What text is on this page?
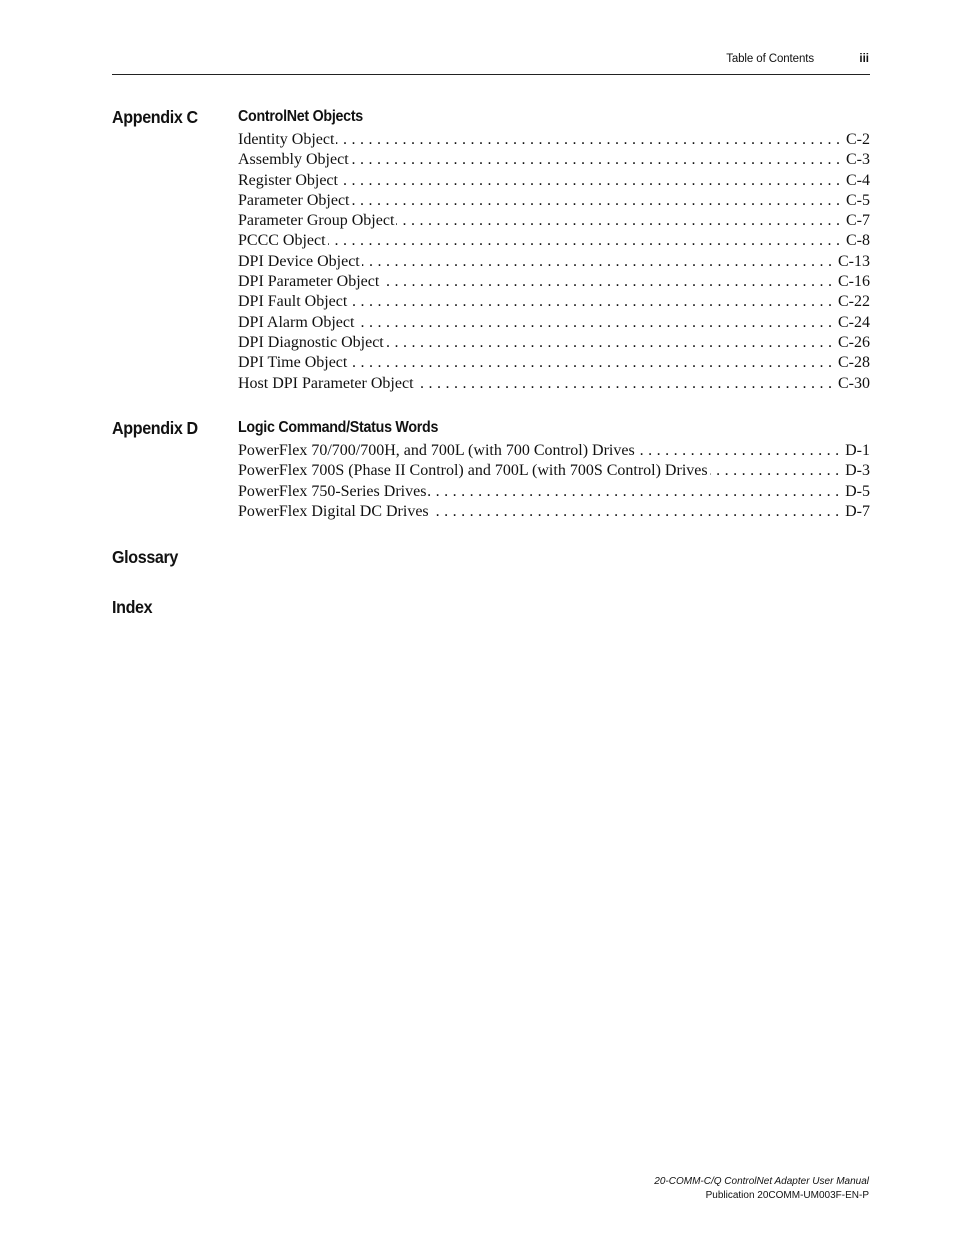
Table of Contents	iii
Appendix C	ControlNet Objects
Identity Object . . .	C-2
Assembly Object . . .	C-3
Register Object . . .	C-4
Parameter Object . . .	C-5
Parameter Group Object . . .	C-7
PCCC Object . . .	C-8
DPI Device Object . . .	C-13
DPI Parameter Object . . .	C-16
DPI Fault Object . . .	C-22
DPI Alarm Object . . .	C-24
DPI Diagnostic Object . . .	C-26
DPI Time Object . . .	C-28
Host DPI Parameter Object . . .	C-30
Appendix D	Logic Command/Status Words
PowerFlex 70/700/700H, and 700L (with 700 Control) Drives . . .	D-1
PowerFlex 700S (Phase II Control) and 700L (with 700S Control) Drives . . .	D-3
PowerFlex 750-Series Drives . . .	D-5
PowerFlex Digital DC Drives . . .	D-7
Glossary
Index
20-COMM-C/Q ControlNet Adapter User Manual
Publication 20COMM-UM003F-EN-P
